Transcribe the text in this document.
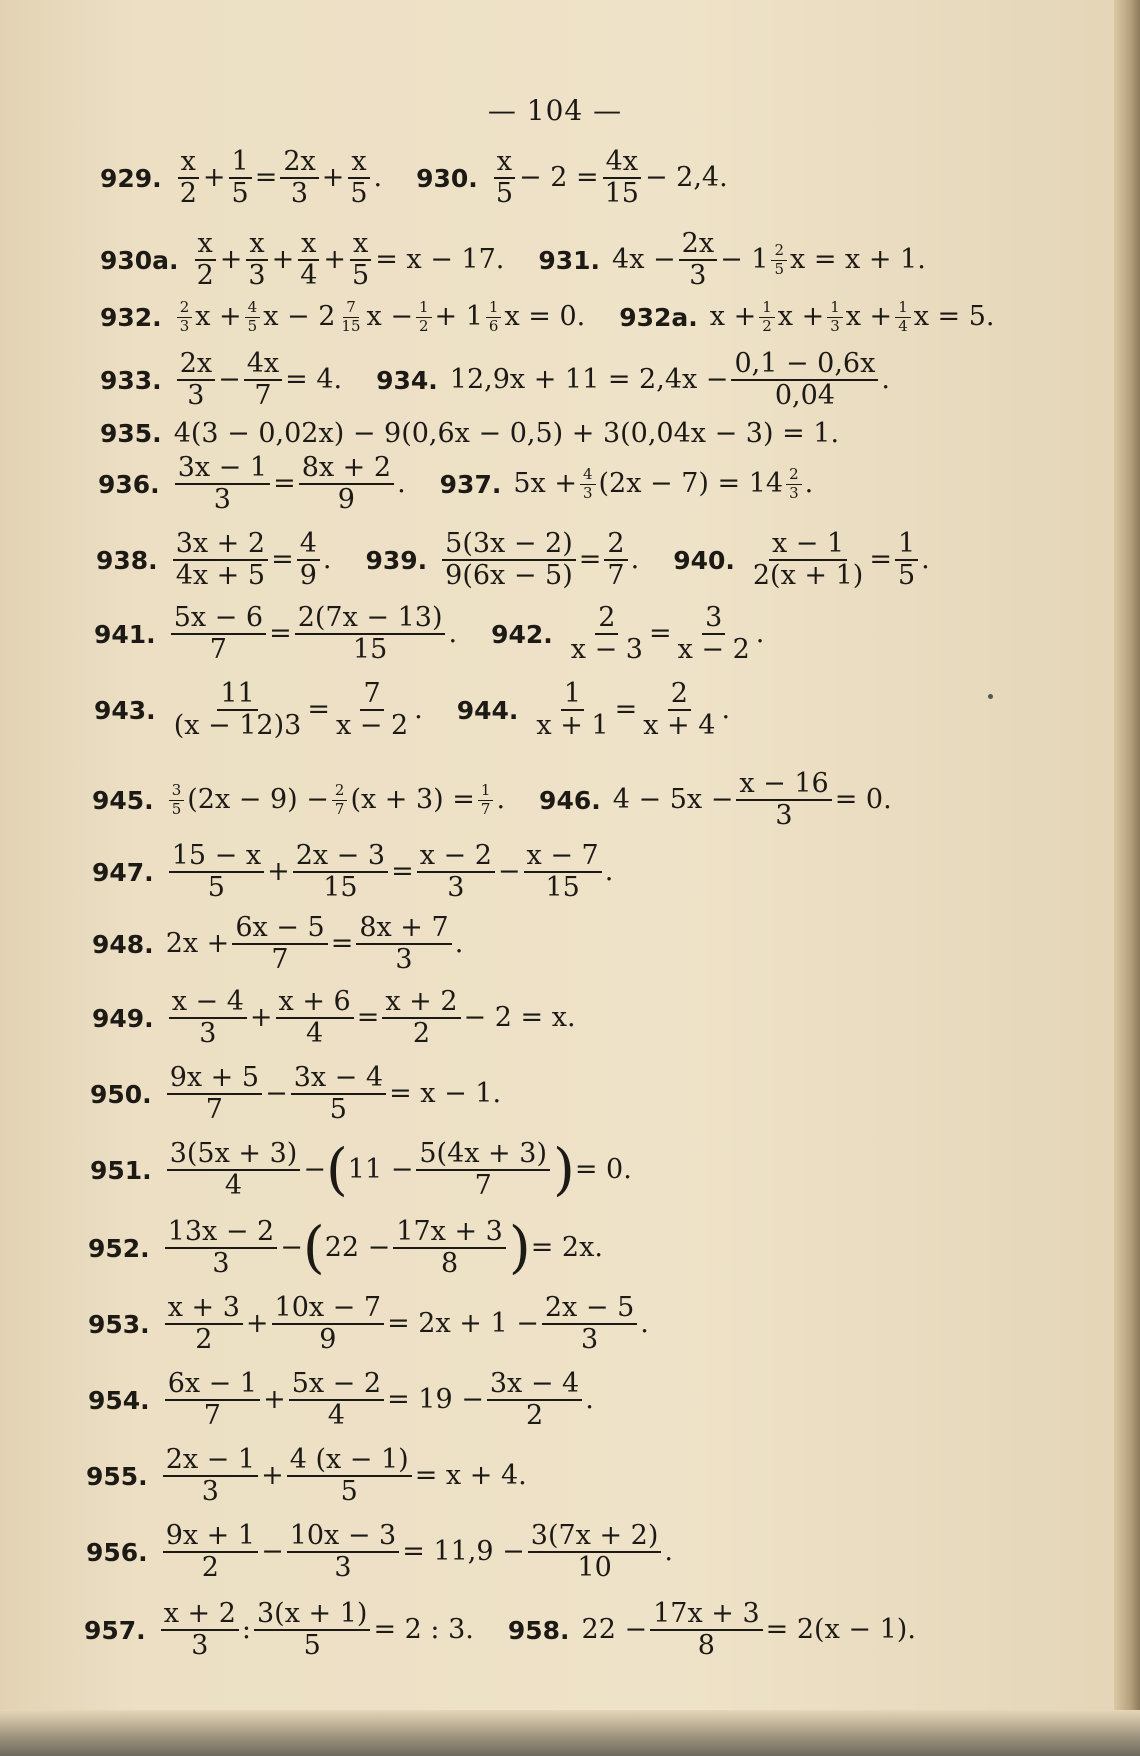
— 104 —
929. $\frac{x}{2} + \frac{1}{5} = \frac{2x}{3} + \frac{x}{5}$ . 930. $\frac{x}{5} - 2 = \frac{4x}{15} - 2,4$.
930a. $\frac{x}{2} + \frac{x}{3} + \frac{x}{4} + \frac{x}{5} = x - 17$. 931. $4x - \frac{2x}{3} - 1 \frac{2}{5}$ x = x + 1.
932. $\frac{2}{3}$ $x + \frac{4}{5}$ $x - 2 \frac{7}{15}$ $x - \frac{1}{2} + 1 \frac{1}{6}$ x = 0. 932a. $x + \frac{1}{2}$ $x + \frac{1}{3}$ $x + \frac{1}{4}$ x = 5.
933. $\frac{2x}{3} - \frac{4x}{7} = 4$. 934. $12,9x + 11 = 2,4x - \frac{0,1 - 0,6x}{0,04}$ .
935. 4(3 − 0,02x) − 9(0,6x − 0,5) + 3(0,04x − 3) = 1.
936. $\frac{3x - 1}{3} = \frac{8x + 2}{9}$ . 937. $5x + \frac{4}{3} (2x - 7) = 14 \frac{2}{3}$ .
938. $\frac{3x + 2}{4x + 5} = \frac{4}{9}$ . 939. $\frac{5(3x - 2)}{9(6x - 5)} = \frac{2}{7}$ . 940. $\frac{x - 1}{2(x + 1)} = \frac{1}{5}$ .
941. $\frac{5x - 6}{7} = \frac{2(7x - 13)}{15}$ . 942. $\frac{2}{x - 3} = \frac{3}{x - 2}$ .
943. $\frac{11}{(x - 12)3} = \frac{7}{x - 2}$ . 944. $\frac{1}{x + 1} = \frac{2}{x + 4}$ .
945. $\frac{3}{5} (2x - 9) - \frac{2}{7} (x + 3) = \frac{1}{7}$ . 946. $4 - 5x - \frac{x - 16}{3} = 0$.
947. $\frac{15 - x}{5} + \frac{2x - 3}{15} = \frac{x - 2}{3} - \frac{x - 7}{15}$ .
948. $2x + \frac{6x - 5}{7} = \frac{8x + 7}{3}$ .
949. $\frac{x - 4}{3} + \frac{x + 6}{4} = \frac{x + 2}{2} - 2 = x$.
950. $\frac{9x + 5}{7} - \frac{3x - 4}{5} = x - 1$.
951. $\frac{3(5x + 3)}{4} -(11 - \frac{5(4x + 3)}{7}$ )= 0.
952. $\frac{13x - 2}{3} -(22 - \frac{17x + 3}{8}$ )= 2x.
953. $\frac{x + 3}{2} + \frac{10x - 7}{9} = 2x + 1 - \frac{2x - 5}{3}$ .
954. $\frac{6x - 1}{7} + \frac{5x - 2}{4} = 19 - \frac{3x - 4}{2}$ .
955. $\frac{2x - 1}{3} + \frac{4 (x - 1)}{5} = x + 4$.
956. $\frac{9x + 1}{2} - \frac{10x - 3}{3} = 11,9 - \frac{3(7x + 2)}{10}$ .
957. $\frac{x + 2}{3}$ : $\frac{3(x + 1)}{5} = 2$ : 3. 958. $22 - \frac{17x + 3}{8} = 2(x - 1)$.
